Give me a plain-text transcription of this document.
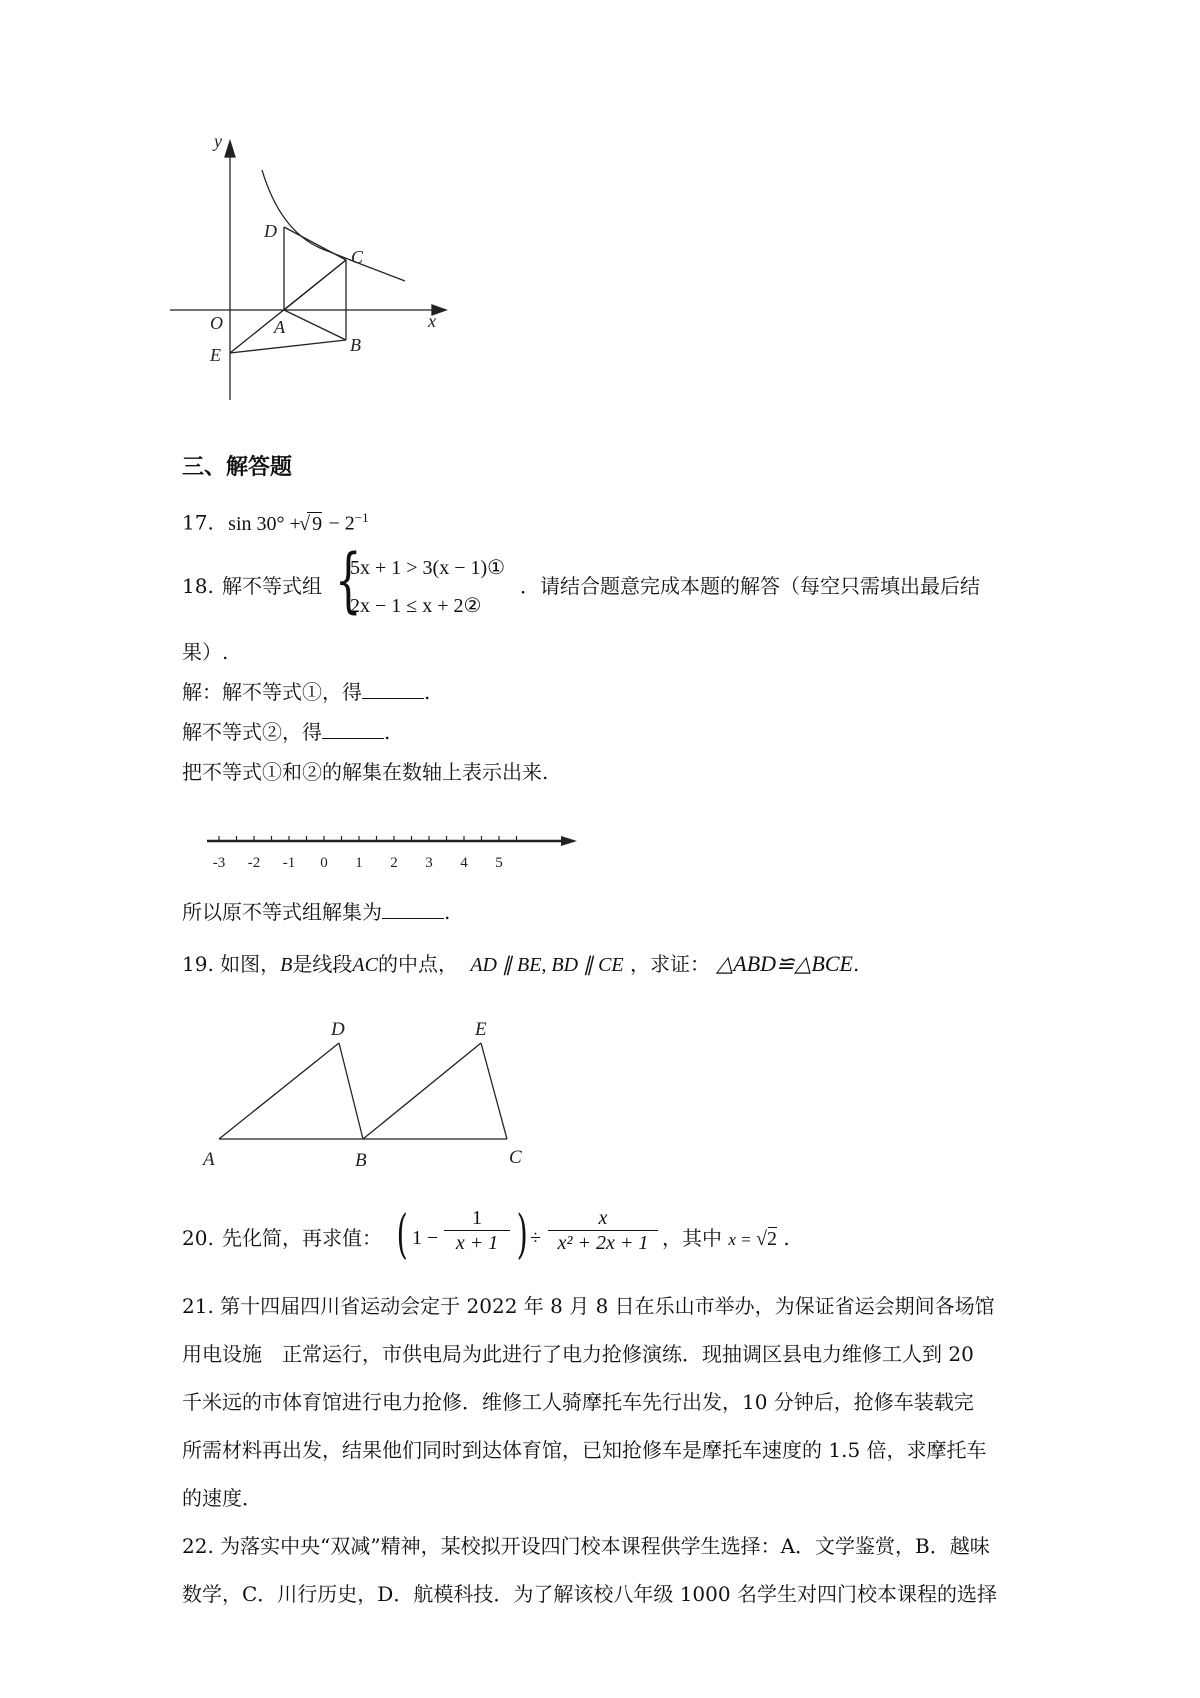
y
x
O	A
B
C
D
E
三、解答题
17. sin 30° + √ $9 - 2^{-1}$
18. 解不等式组 {
5x + 1 > 3(x − 1)①
2x − 1 ≤ x + 2②
．请结合题意完成本题的解答（每空只需填出最后结
果）.
解：解不等式①，得	.
解不等式②，得	.
把不等式①和②的解集在数轴上表示出来.
-3 -2 -1 0 1 2 3 4 5
所以原不等式组解集为	.
19. 如图，B是线段AC的中点， AD ∥ BE, BD ∥ CE ，求证： △ABD≌△BCE.
A	B	C
D	E
20. 先化简，再求值： ( $1 - \frac{1}{x + 1}$ ) ÷ $\frac{x}{\text{x² + 2x + 1}}$ ，其中 x = √2 .
21. 第十四届四川省运动会定于 2022 年 8 月 8 日在乐山市举办，为保证省运会期间各场馆
用电设施　正常运行，市供电局为此进行了电力抢修演练．现抽调区县电力维修工人到 20
千米远的市体育馆进行电力抢修．维修工人骑摩托车先行出发，10 分钟后，抢修车装载完
所需材料再出发，结果他们同时到达体育馆，已知抢修车是摩托车速度的 1.5 倍，求摩托车
的速度．
22. 为落实中央“双减”精神，某校拟开设四门校本课程供学生选择：A．文学鉴赏，B．越味
数学，C．川行历史，D．航模科技．为了解该校八年级 1000 名学生对四门校本课程的选择
